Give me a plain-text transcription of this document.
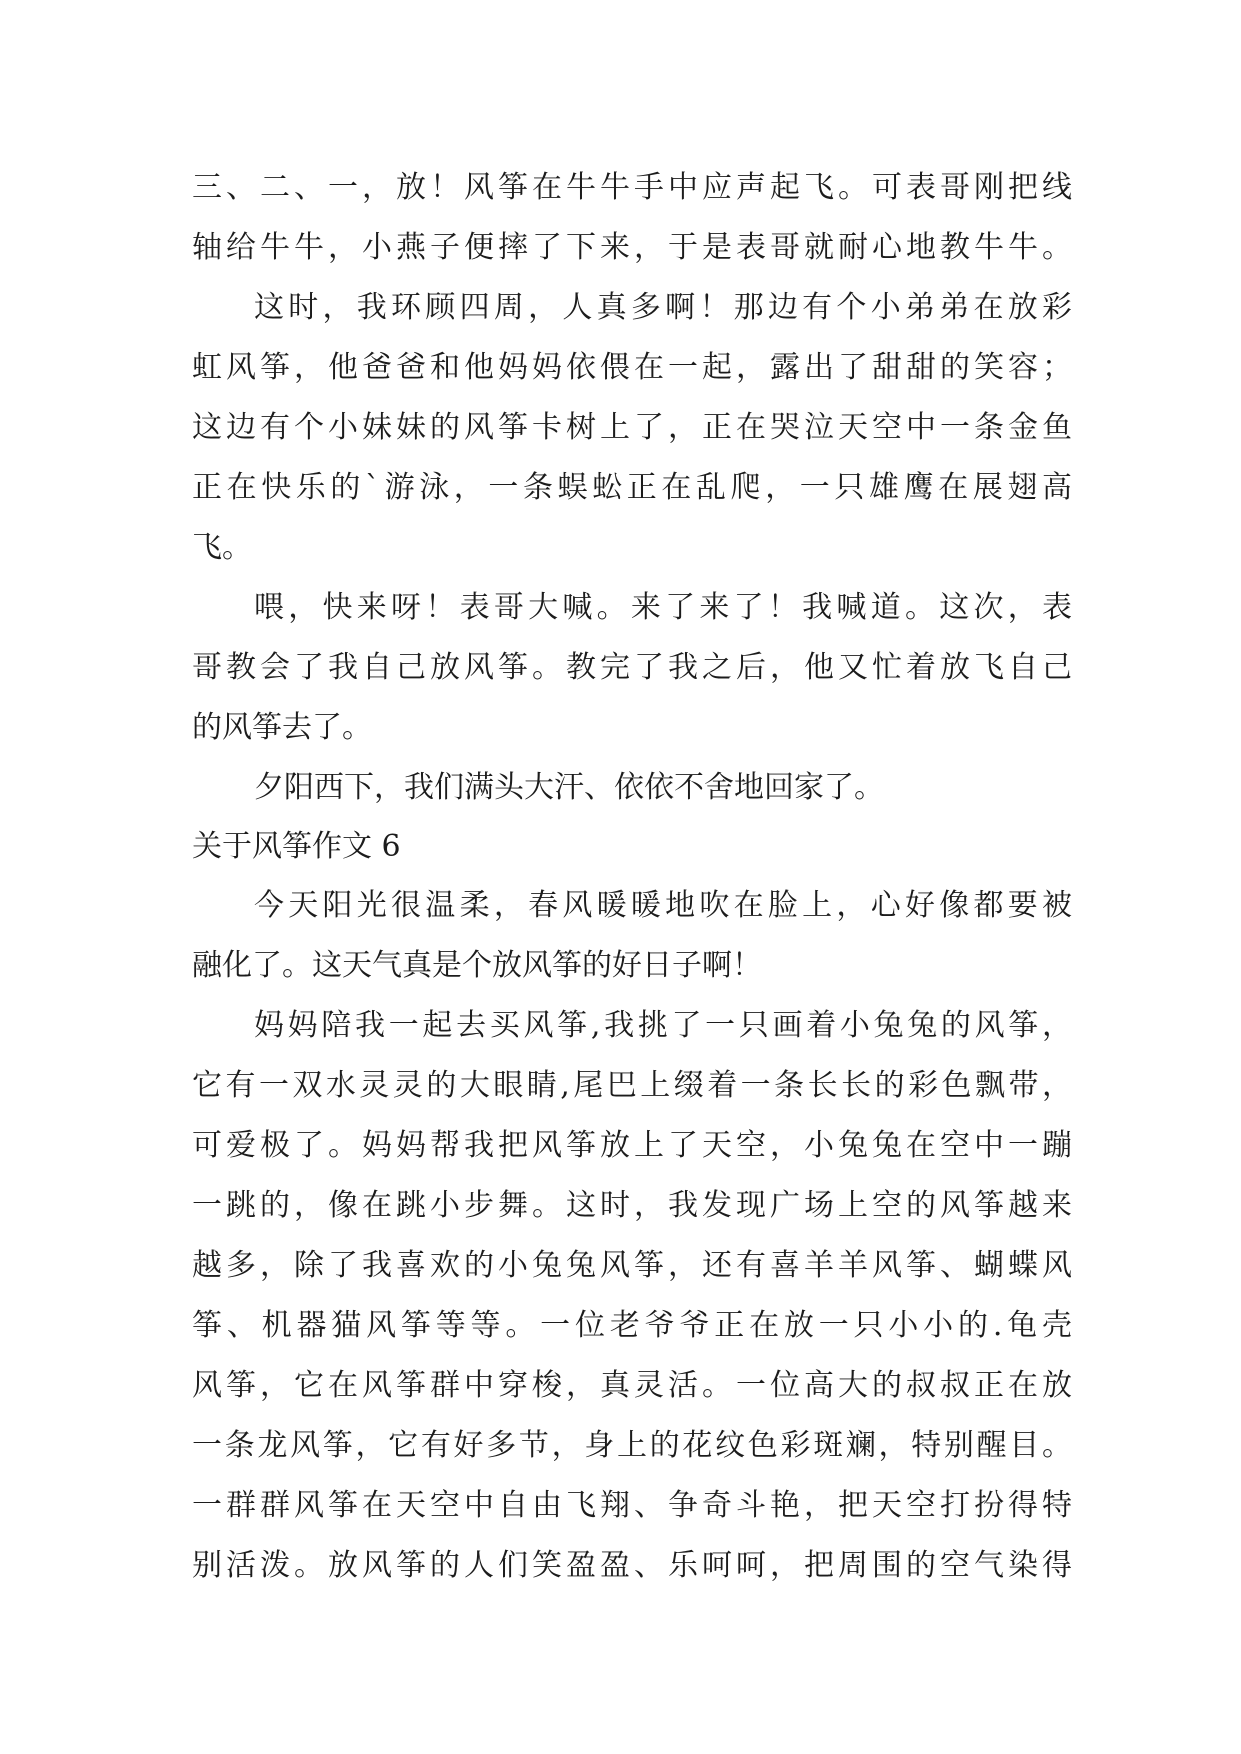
三、二、一，放！风筝在牛牛手中应声起飞。可表哥刚把线
轴给牛牛，小燕子便摔了下来，于是表哥就耐心地教牛牛。
这时，我环顾四周，人真多啊！那边有个小弟弟在放彩
虹风筝，他爸爸和他妈妈依偎在一起，露出了甜甜的笑容；
这边有个小妹妹的风筝卡树上了，正在哭泣天空中一条金鱼
正在快乐的`游泳，一条蜈蚣正在乱爬，一只雄鹰在展翅高
飞。
喂，快来呀！表哥大喊。来了来了！我喊道。这次，表
哥教会了我自己放风筝。教完了我之后，他又忙着放飞自己
的风筝去了。
夕阳西下，我们满头大汗、依依不舍地回家了。
关于风筝作文 6
今天阳光很温柔，春风暖暖地吹在脸上，心好像都要被
融化了。这天气真是个放风筝的好日子啊！
妈妈陪我一起去买风筝,我挑了一只画着小兔兔的风筝，
它有一双水灵灵的大眼睛,尾巴上缀着一条长长的彩色飘带，
可爱极了。妈妈帮我把风筝放上了天空，小兔兔在空中一蹦
一跳的，像在跳小步舞。这时，我发现广场上空的风筝越来
越多，除了我喜欢的小兔兔风筝，还有喜羊羊风筝、蝴蝶风
筝、机器猫风筝等等。一位老爷爷正在放一只小小的.龟壳
风筝，它在风筝群中穿梭，真灵活。一位高大的叔叔正在放
一条龙风筝，它有好多节，身上的花纹色彩斑斓，特别醒目。
一群群风筝在天空中自由飞翔、争奇斗艳，把天空打扮得特
别活泼。放风筝的人们笑盈盈、乐呵呵，把周围的空气染得
